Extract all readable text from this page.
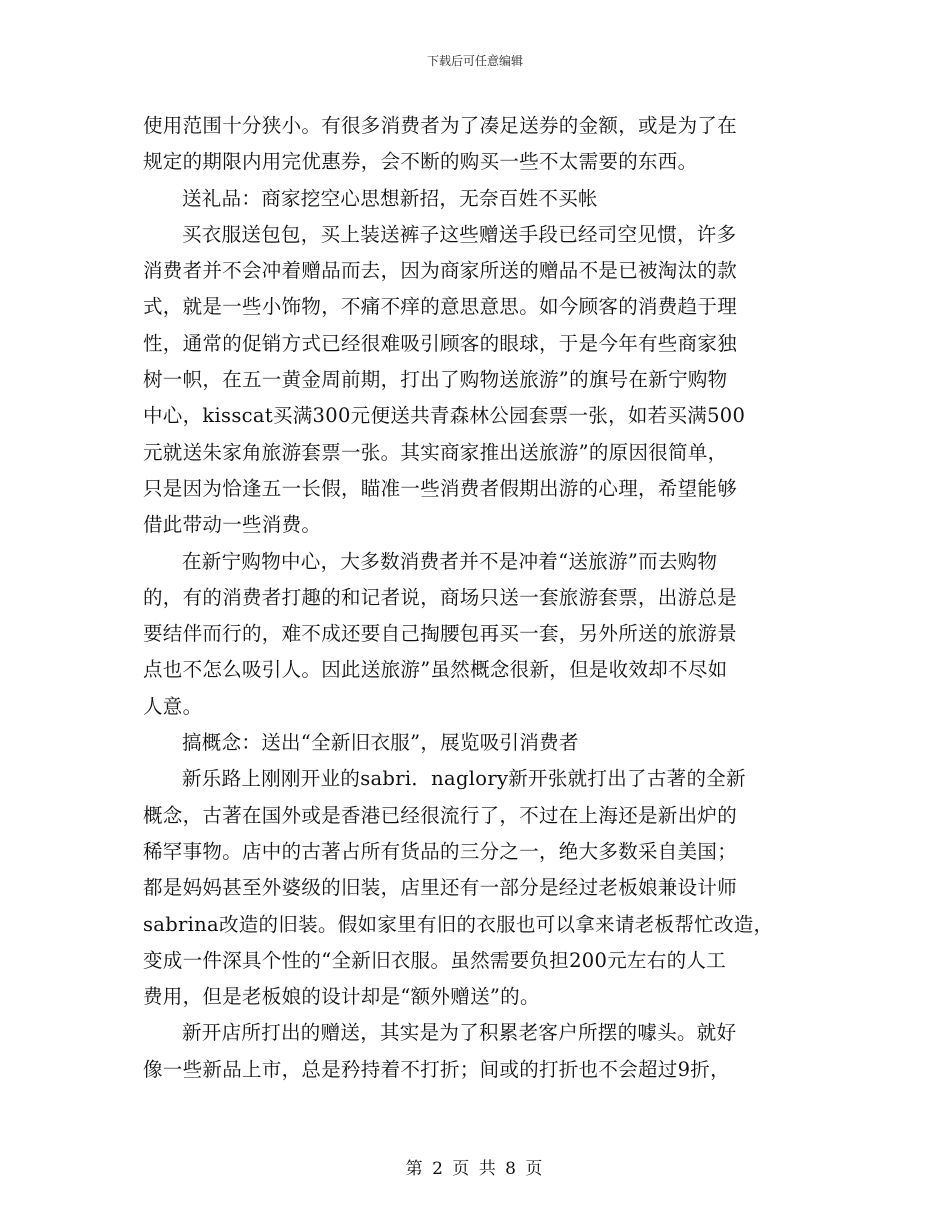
下载后可任意编辑
使用范围十分狭小。有很多消费者为了凑足送券的金额，或是为了在
规定的期限内用完优惠券，会不断的购买一些不太需要的东西。
送礼品：商家挖空心思想新招，无奈百姓不买帐
买衣服送包包，买上装送裤子这些赠送手段已经司空见惯，许多
消费者并不会冲着赠品而去，因为商家所送的赠品不是已被淘汰的款
式，就是一些小饰物，不痛不痒的意思意思。如今顾客的消费趋于理
性，通常的促销方式已经很难吸引顾客的眼球，于是今年有些商家独
树一帜，在五一黄金周前期，打出了购物送旅游”的旗号在新宁购物
中心，kisscat买满300元便送共青森林公园套票一张，如若买满500
元就送朱家角旅游套票一张。其实商家推出送旅游”的原因很简单，
只是因为恰逢五一长假，瞄准一些消费者假期出游的心理，希望能够
借此带动一些消费。
在新宁购物中心，大多数消费者并不是冲着“送旅游”而去购物
的，有的消费者打趣的和记者说，商场只送一套旅游套票，出游总是
要结伴而行的，难不成还要自己掏腰包再买一套，另外所送的旅游景
点也不怎么吸引人。因此送旅游”虽然概念很新，但是收效却不尽如
人意。
搞概念：送出“全新旧衣服”，展览吸引消费者
新乐路上刚刚开业的sabri．naglory新开张就打出了古著的全新
概念，古著在国外或是香港已经很流行了，不过在上海还是新出炉的
稀罕事物。店中的古著占所有货品的三分之一，绝大多数采自美国；
都是妈妈甚至外婆级的旧装，店里还有一部分是经过老板娘兼设计师
sabrina改造的旧装。假如家里有旧的衣服也可以拿来请老板帮忙改造，
变成一件深具个性的“全新旧衣服。虽然需要负担200元左右的人工
费用，但是老板娘的设计却是“额外赠送”的。
新开店所打出的赠送，其实是为了积累老客户所摆的噱头。就好
像一些新品上市，总是矜持着不打折；间或的打折也不会超过9折，
第 2 页 共 8 页
